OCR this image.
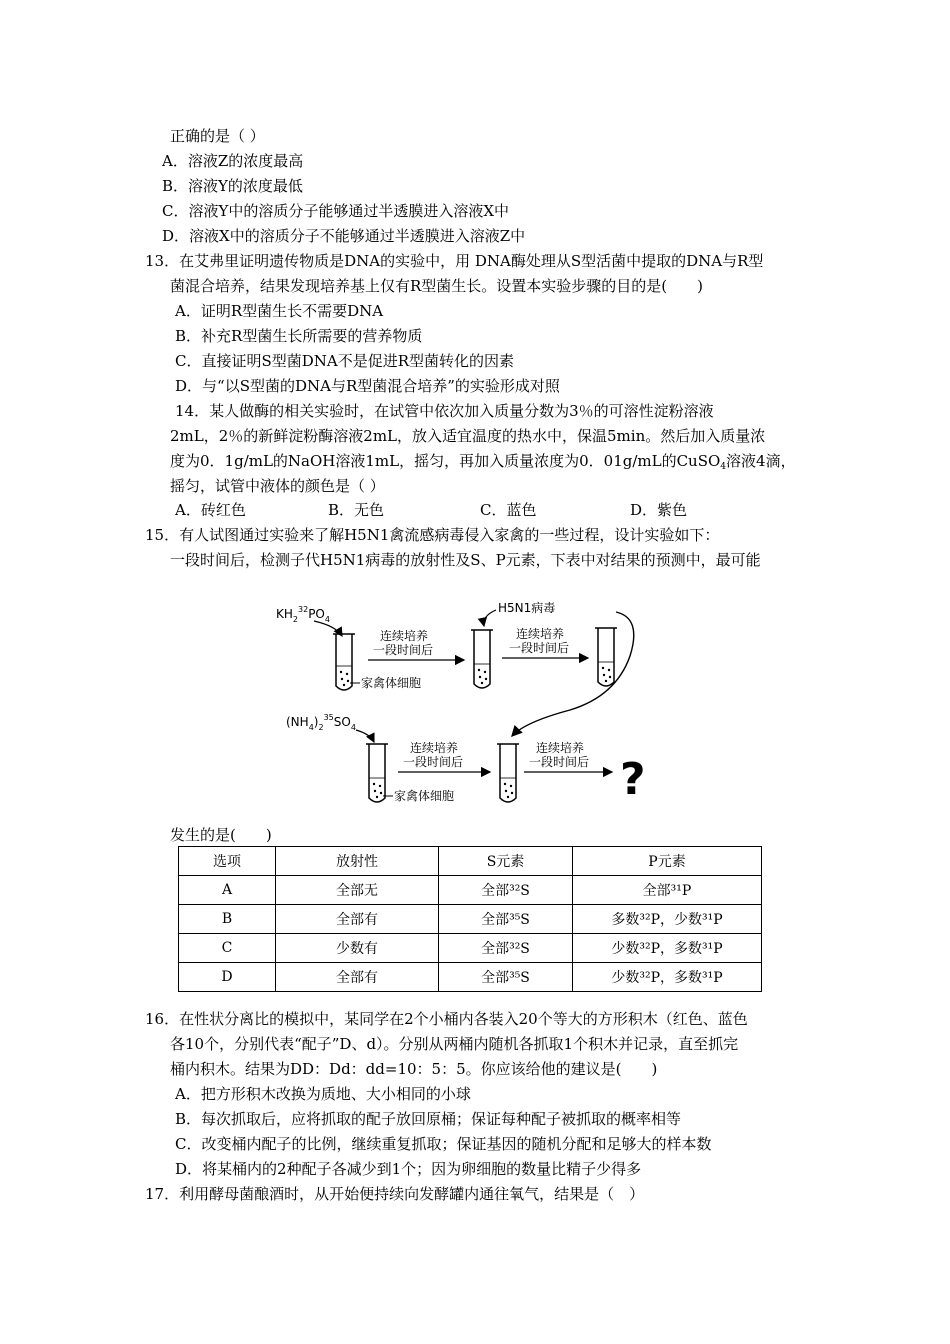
正确的是（ ）
A．溶液Z的浓度最高
B．溶液Y的浓度最低
C．溶液Y中的溶质分子能够通过半透膜进入溶液X中
D．溶液X中的溶质分子不能够通过半透膜进入溶液Z中
13．在艾弗里证明遗传物质是DNA的实验中，用 DNA酶处理从S型活菌中提取的DNA与R型
菌混合培养，结果发现培养基上仅有R型菌生长。设置本实验步骤的目的是(　　)
A．证明R型菌生长不需要DNA
B．补充R型菌生长所需要的营养物质
C．直接证明S型菌DNA不是促进R型菌转化的因素
D．与“以S型菌的DNA与R型菌混合培养”的实验形成对照
14．某人做酶的相关实验时，在试管中依次加入质量分数为3％的可溶性淀粉溶液
2mL，2％的新鲜淀粉酶溶液2mL，放入适宜温度的热水中，保温5min。然后加入质量浓
度为0．1g/mL的NaOH溶液1mL，摇匀，再加入质量浓度为0．01g/mL的CuSO$_4$溶液4滴，
摇匀，试管中液体的颜色是（ ）
A．砖红色	B．无色	C．蓝色	D．紫色
15．有人试图通过实验来了解H5N1禽流感病毒侵入家禽的一些过程，设计实验如下：
一段时间后，检测子代H5N1病毒的放射性及S、P元素，下表中对结果的预测中，最可能
$KH_2^{32}PO_4$
家禽体细胞
连续培养
一段时间后
H5N1病毒
连续培养
一段时间后
$(NH_4)_2^{35}SO_4$
家禽体细胞
连续培养
一段时间后
连续培养
一段时间后 ?
发生的是(　　)
选项	放射性	S元素	P元素
A	全部无	全部³²S	全部³¹P
B	全部有	全部³⁵S	多数³²P，少数³¹P
C	少数有	全部³²S	少数³²P，多数³¹P
D	全部有	全部³⁵S	少数³²P，多数³¹P
16．在性状分离比的模拟中，某同学在2个小桶内各装入20个等大的方形积木（红色、蓝色
各10个，分别代表“配子”D、d）。分别从两桶内随机各抓取1个积木并记录，直至抓完
桶内积木。结果为DD：Dd：dd=10：5：5。你应该给他的建议是(　　)
A．把方形积木改换为质地、大小相同的小球
B．每次抓取后，应将抓取的配子放回原桶；保证每种配子被抓取的概率相等
C．改变桶内配子的比例，继续重复抓取；保证基因的随机分配和足够大的样本数
D．将某桶内的2种配子各减少到1个；因为卵细胞的数量比精子少得多
17．利用酵母菌酿酒时，从开始便持续向发酵罐内通往氧气，结果是（　）
